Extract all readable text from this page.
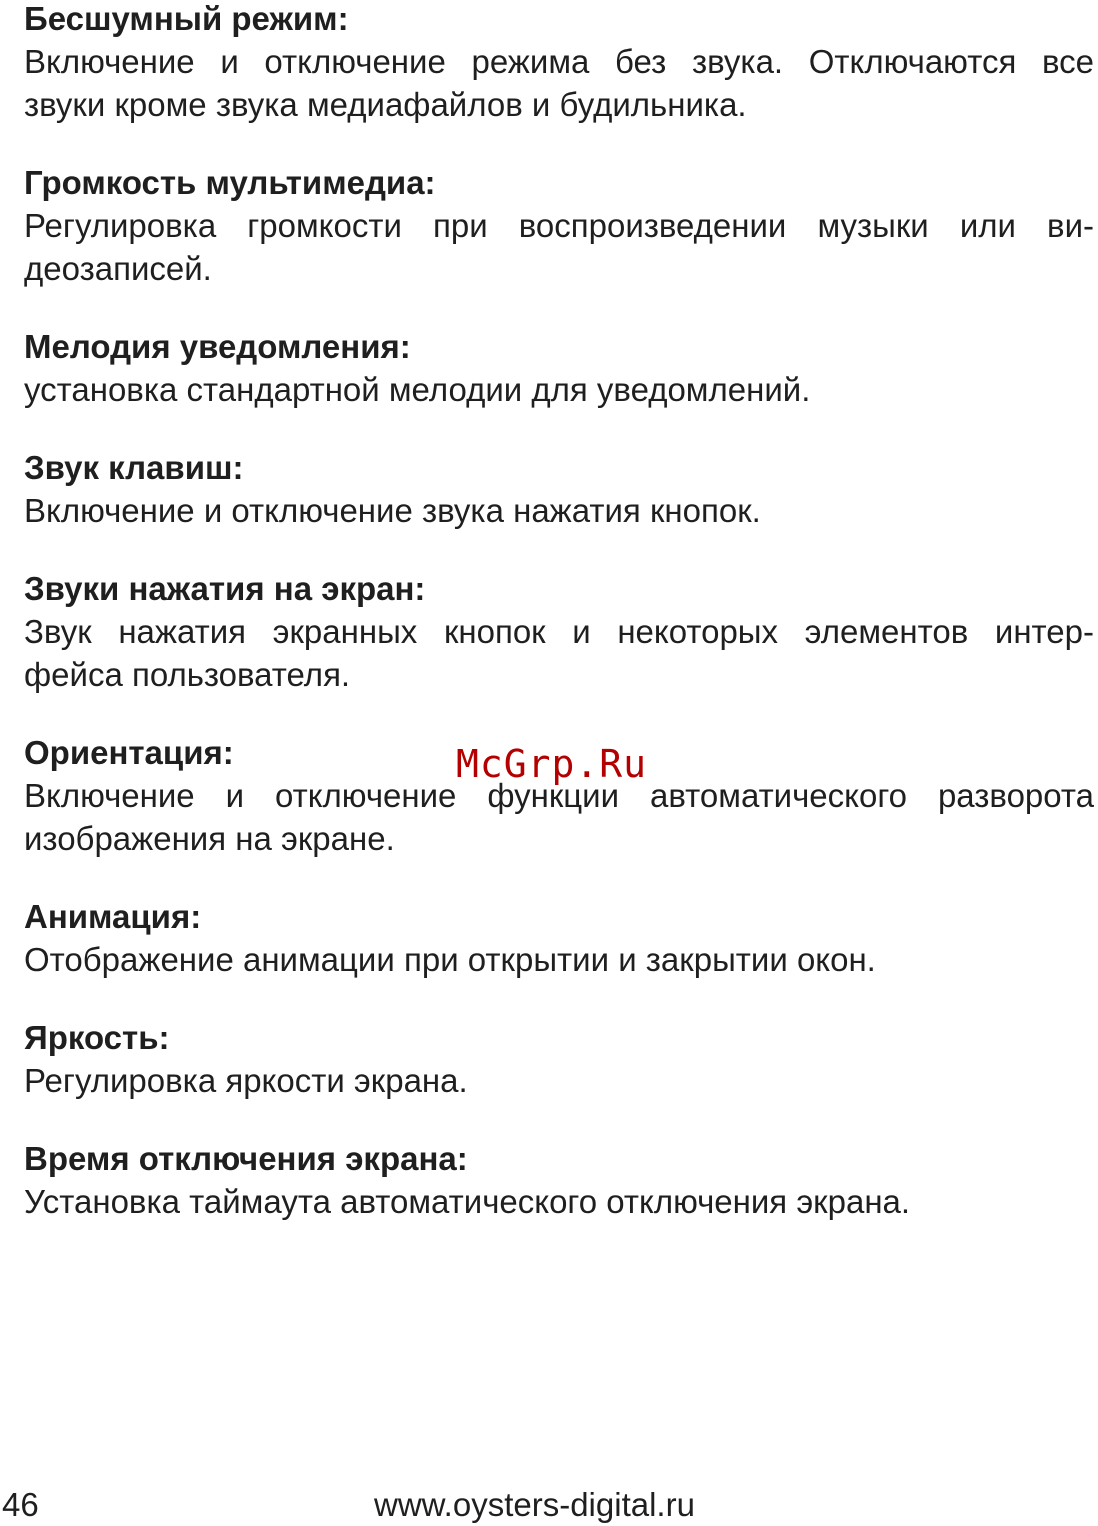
Бесшумный режим:
Включение и отключение режима без звука. Отключаются все
звуки кроме звука медиафайлов и будильника.
Громкость мультимедиа:
Регулировка громкости при воспроизведении музыки или ви-
деозаписей.
Мелодия уведомления:
установка стандартной мелодии для уведомлений.
Звук клавиш:
Включение и отключение звука нажатия кнопок.
Звуки нажатия на экран:
Звук нажатия экранных кнопок и некоторых элементов интер-
фейса пользователя.
Ориентация:
Включение и отключение функции автоматического разворота
изображения на экране.
Анимация:
Отображение анимации при открытии и закрытии окон.
Яркость:
Регулировка яркости экрана.
Время отключения экрана:
Установка таймаута автоматического отключения экрана.
McGrp.Ru
46	www.oysters-digital.ru
